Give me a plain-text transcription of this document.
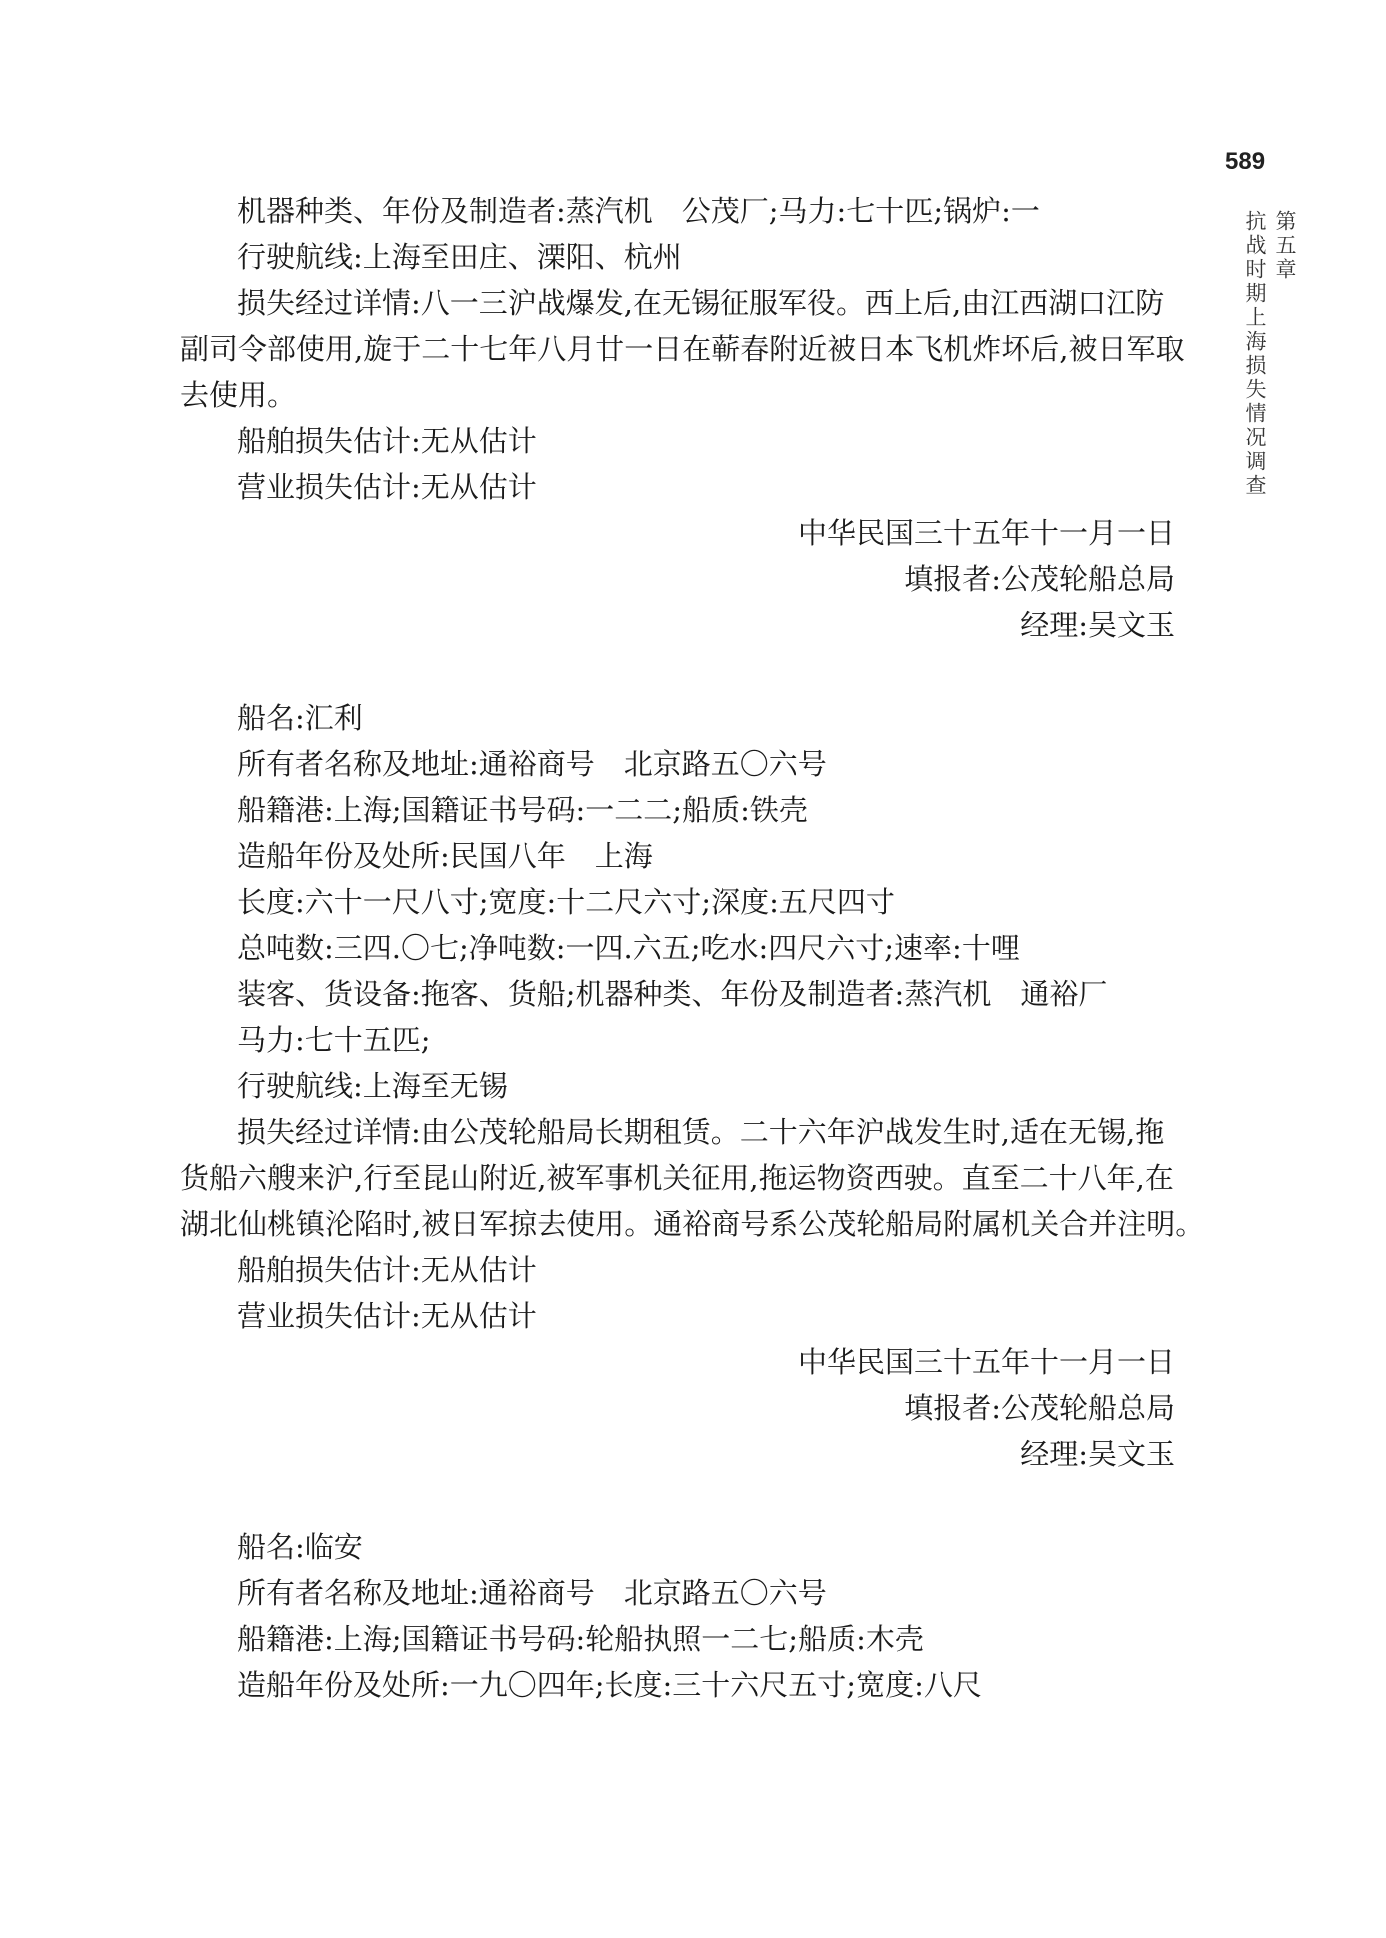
589
第五章
抗战时期上海损失情况调查
机器种类、年份及制造者:蒸汽机　公茂厂;马力:七十匹;锅炉:一
行驶航线:上海至田庄、溧阳、杭州
损失经过详情:八一三沪战爆发,在无锡征服军役。西上后,由江西湖口江防
副司令部使用,旋于二十七年八月廿一日在蕲春附近被日本飞机炸坏后,被日军取
去使用。
船舶损失估计:无从估计
营业损失估计:无从估计
中华民国三十五年十一月一日
填报者:公茂轮船总局
经理:吴文玉
船名:汇利
所有者名称及地址:通裕商号　北京路五〇六号
船籍港:上海;国籍证书号码:一二二;船质:铁壳
造船年份及处所:民国八年　上海
长度:六十一尺八寸;宽度:十二尺六寸;深度:五尺四寸
总吨数:三四.〇七;净吨数:一四.六五;吃水:四尺六寸;速率:十哩
装客、货设备:拖客、货船;机器种类、年份及制造者:蒸汽机　通裕厂
马力:七十五匹;
行驶航线:上海至无锡
损失经过详情:由公茂轮船局长期租赁。二十六年沪战发生时,适在无锡,拖
货船六艘来沪,行至昆山附近,被军事机关征用,拖运物资西驶。直至二十八年,在
湖北仙桃镇沦陷时,被日军掠去使用。通裕商号系公茂轮船局附属机关合并注明。
船舶损失估计:无从估计
营业损失估计:无从估计
中华民国三十五年十一月一日
填报者:公茂轮船总局
经理:吴文玉
船名:临安
所有者名称及地址:通裕商号　北京路五〇六号
船籍港:上海;国籍证书号码:轮船执照一二七;船质:木壳
造船年份及处所:一九〇四年;长度:三十六尺五寸;宽度:八尺
